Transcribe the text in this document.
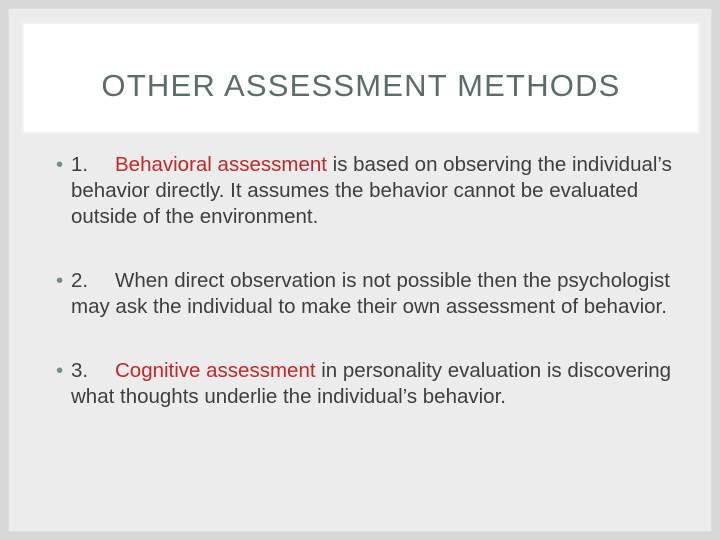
OTHER ASSESSMENT METHODS
• 1. Behavioral assessment is based on observing the individual’s behavior directly. It assumes the behavior cannot be evaluated outside of the environment.
• 2. When direct observation is not possible then the psychologist may ask the individual to make their own assessment of behavior.
• 3. Cognitive assessment in personality evaluation is discovering what thoughts underlie the individual’s behavior.
